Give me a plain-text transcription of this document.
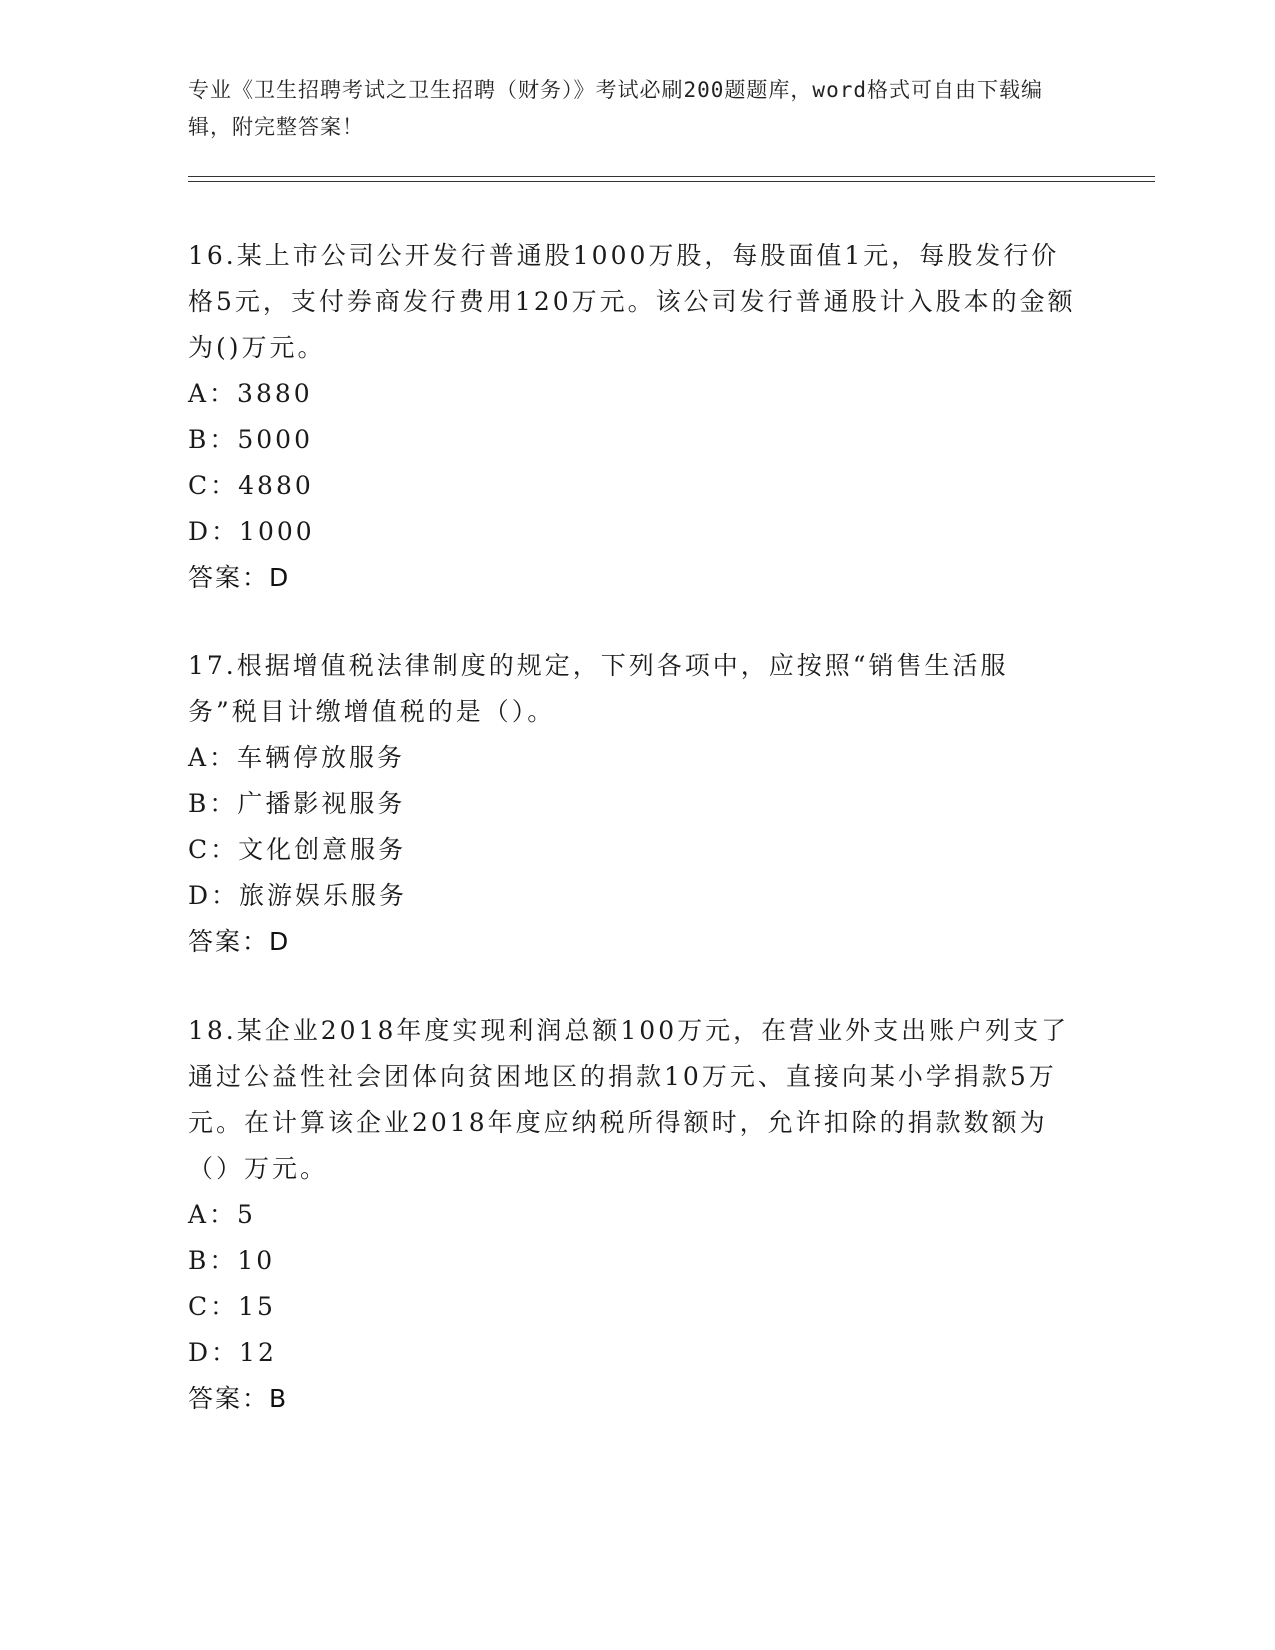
专业《卫生招聘考试之卫生招聘（财务）》考试必刷200题题库，word格式可自由下载编辑，附完整答案！

16.某上市公司公开发行普通股1000万股，每股面值1元，每股发行价格5元，支付券商发行费用120万元。该公司发行普通股计入股本的金额为()万元。

A：3880

B：5000

C：4880

D：1000

答案：D

17.根据增值税法律制度的规定，下列各项中，应按照“销售生活服务”税目计缴增值税的是（）。

A：车辆停放服务

B：广播影视服务

C：文化创意服务

D：旅游娱乐服务

答案：D

18.某企业2018年度实现利润总额100万元，在营业外支出账户列支了通过公益性社会团体向贫困地区的捐款10万元、直接向某小学捐款5万元。在计算该企业2018年度应纳税所得额时，允许扣除的捐款数额为（）万元。

A：5

B：10

C：15

D：12

答案：B
